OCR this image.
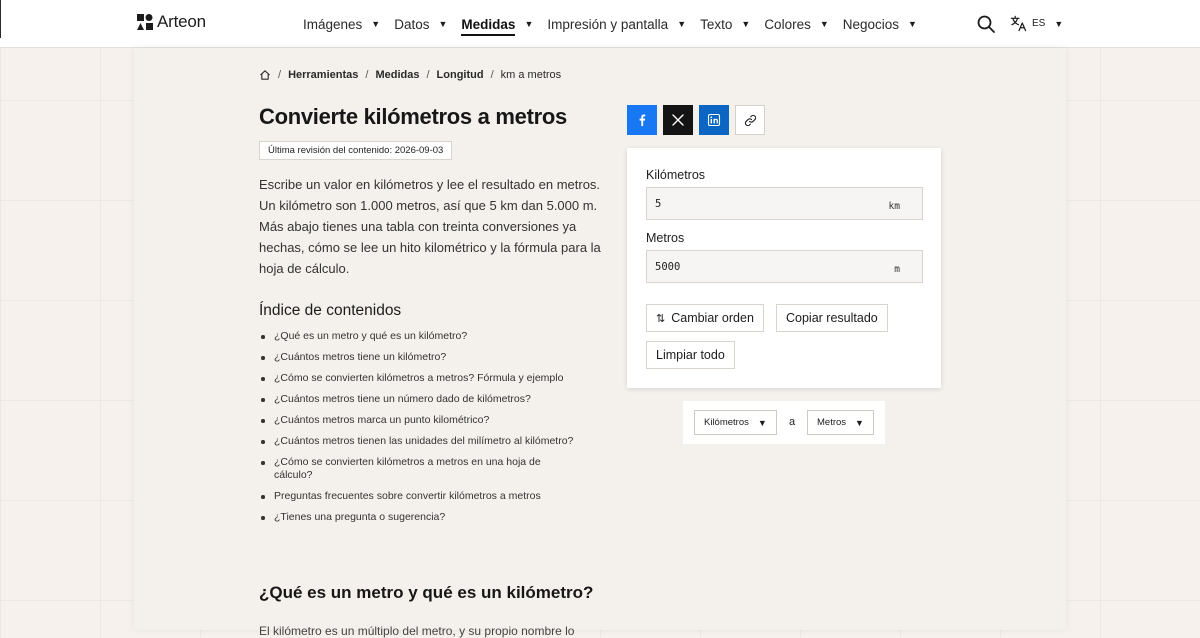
Arteon	Imágenes ▼ Datos ▼ Medidas ▼ Impresión y pantalla ▼ Texto ▼ Colores ▼ Negocios ▼	ES ▼
/ Herramientas / Medidas / Longitud / km a metros
Convierte kilómetros a metros
Última revisión del contenido: 2026-09-03

Escribe un valor en kilómetros y lee el resultado en metros. Un kilómetro son 1.000 metros, así que 5 km dan 5.000 m. Más abajo tienes una tabla con treinta conversiones ya hechas, cómo se lee un hito kilométrico y la fórmula para la hoja de cálculo.

Índice de contenidos
¿Qué es un metro y qué es un kilómetro?
¿Cuántos metros tiene un kilómetro?
¿Cómo se convierten kilómetros a metros? Fórmula y ejemplo
¿Cuántos metros tiene un número dado de kilómetros?
¿Cuántos metros marca un punto kilométrico?
¿Cuántos metros tienen las unidades del milímetro al kilómetro?
¿Cómo se convierten kilómetros a metros en una hoja de cálculo?
Preguntas frecuentes sobre convertir kilómetros a metros
¿Tienes una pregunta o sugerencia?
¿Qué es un metro y qué es un kilómetro?
El kilómetro es un múltiplo del metro, y su propio nombre lo
Kilómetros
5
km
Metros
5000
m
⇅ Cambiar orden	Copiar resultado
Limpiar todo
Kilómetros ▼ a Metros ▼
